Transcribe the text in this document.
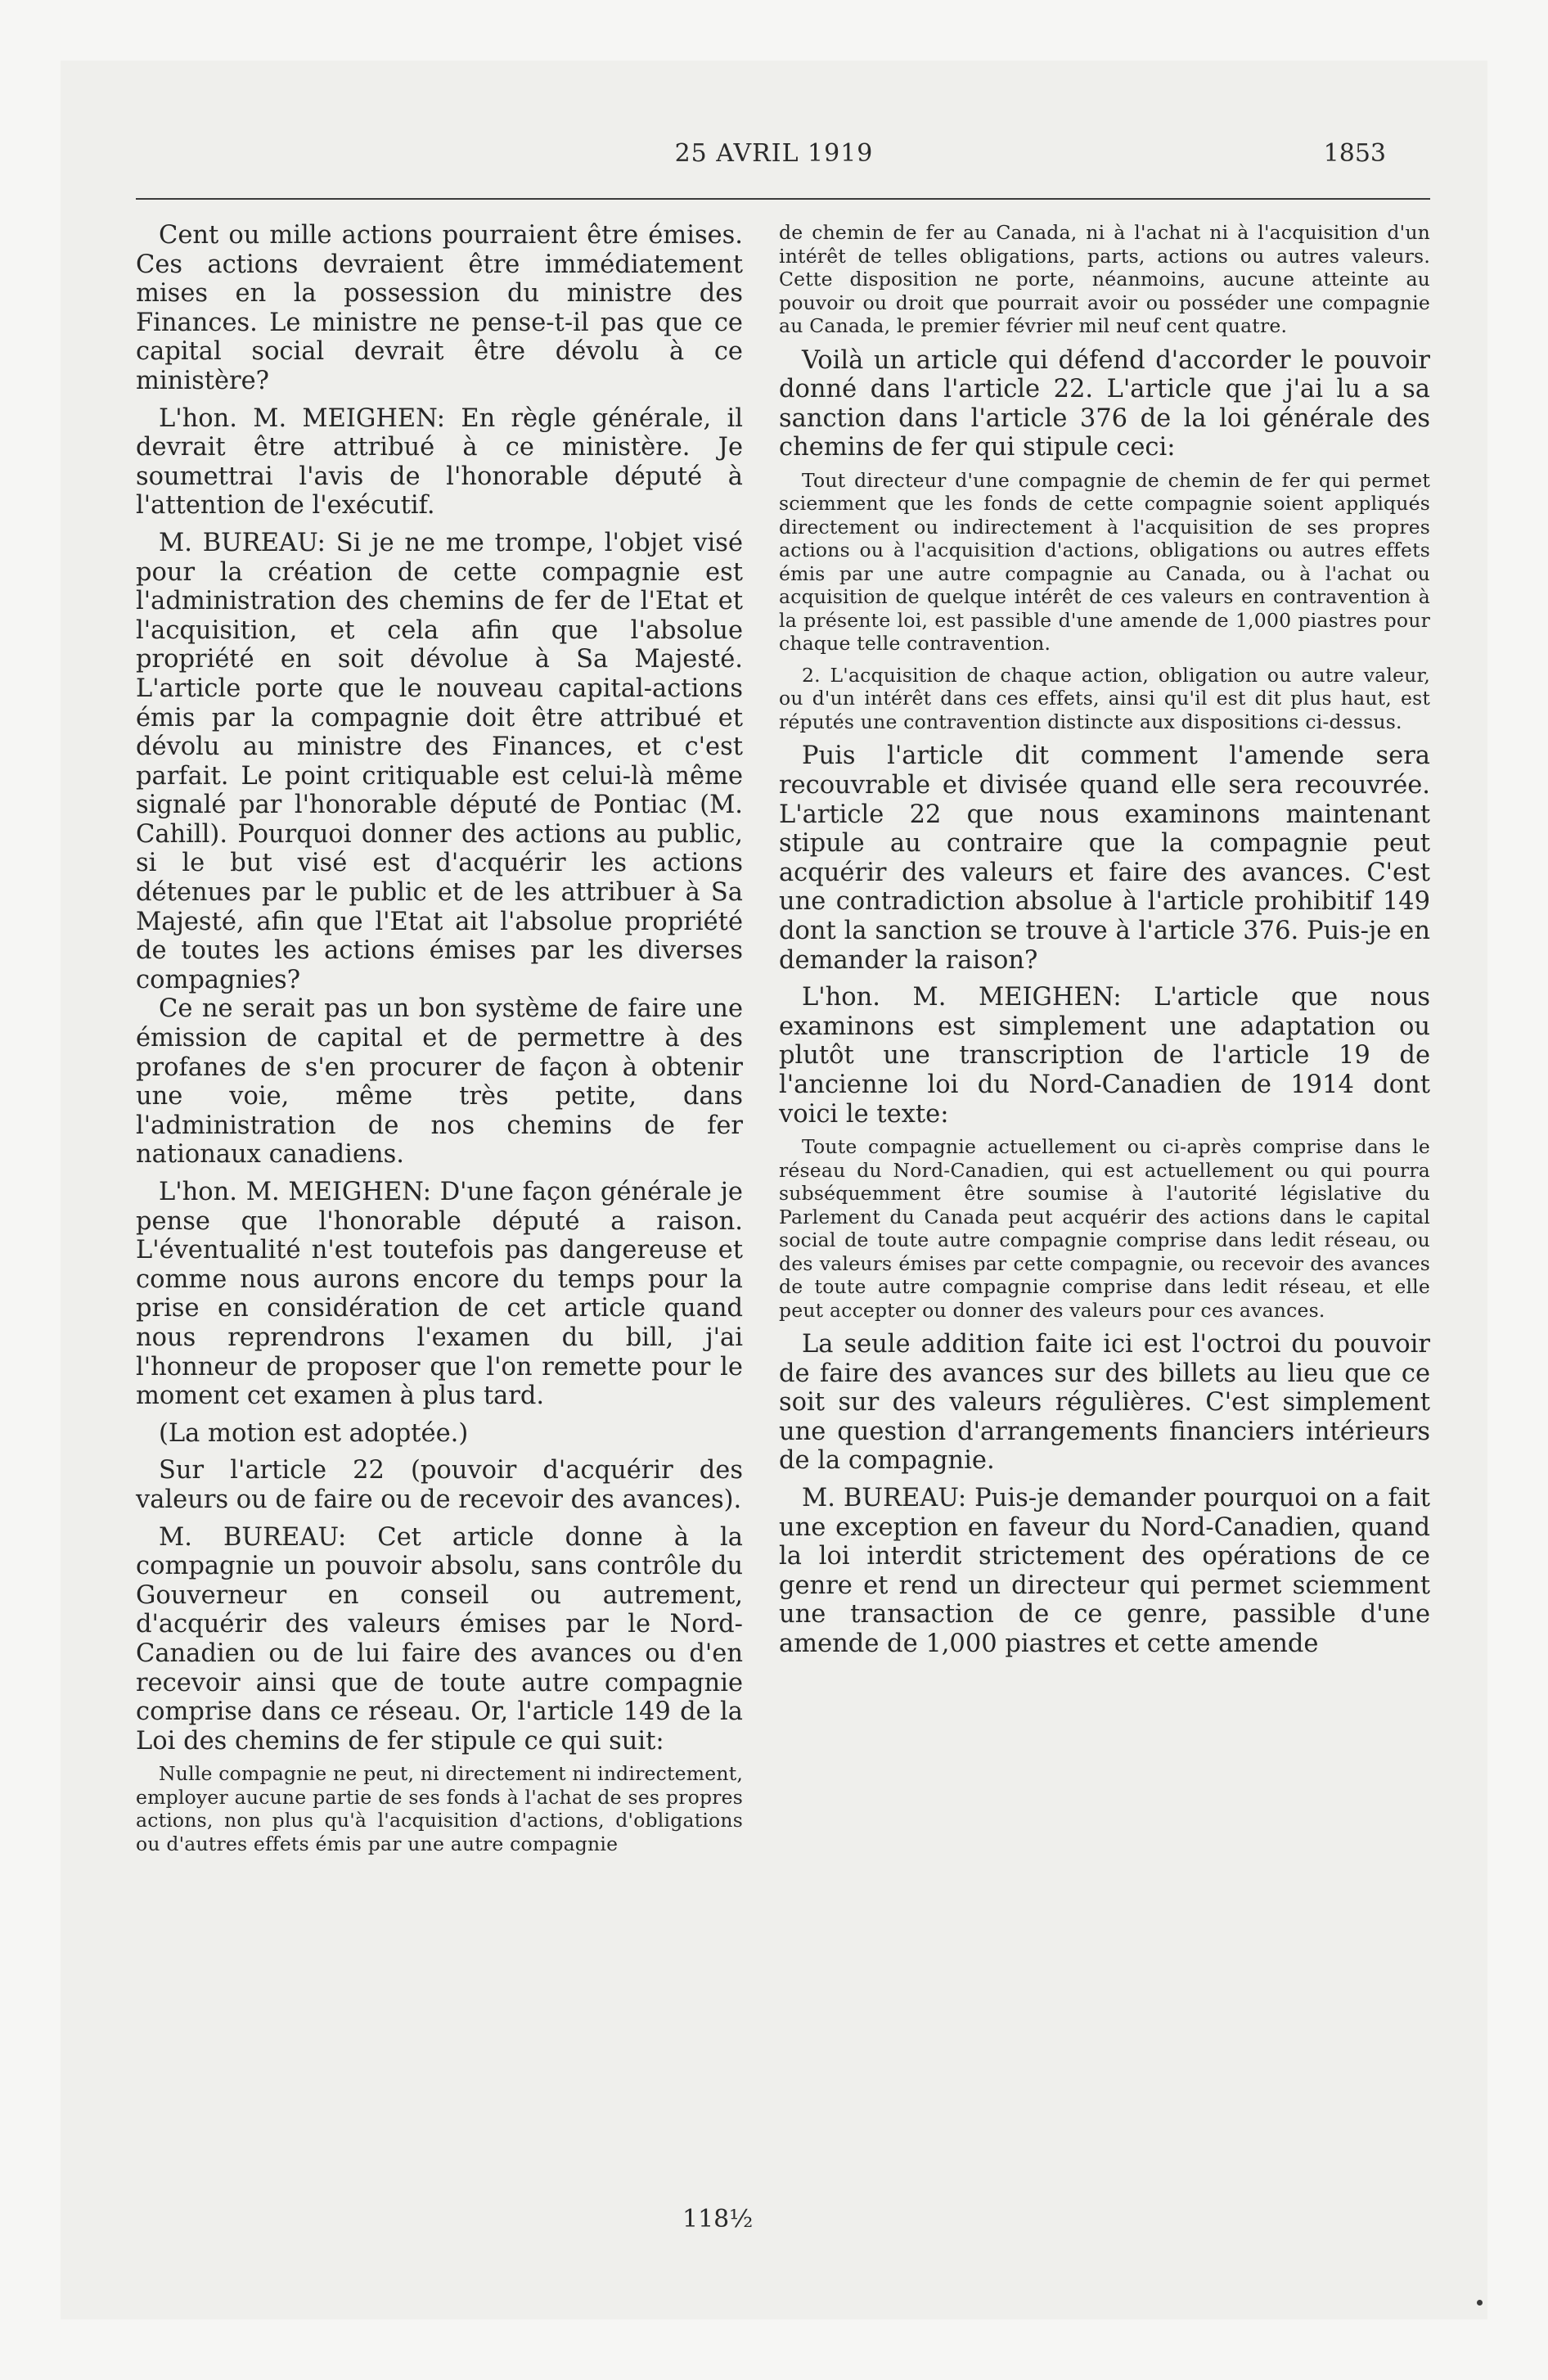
25 AVRIL 1919	1853

Cent ou mille actions pourraient être émises. Ces actions devraient être immédiatement mises en la possession du ministre des Finances. Le ministre ne pense-t-il pas que ce capital social devrait être dévolu à ce ministère?

L'hon. M. MEIGHEN: En règle générale, il devrait être attribué à ce ministère. Je soumettrai l'avis de l'honorable député à l'attention de l'exécutif.

M. BUREAU: Si je ne me trompe, l'objet visé pour la création de cette compagnie est l'administration des chemins de fer de l'Etat et l'acquisition, et cela afin que l'absolue propriété en soit dévolue à Sa Majesté. L'article porte que le nouveau capital-actions émis par la compagnie doit être attribué et dévolu au ministre des Finances, et c'est parfait. Le point critiquable est celui-là même signalé par l'honorable député de Pontiac (M. Cahill). Pourquoi donner des actions au public, si le but visé est d'acquérir les actions détenues par le public et de les attribuer à Sa Majesté, afin que l'Etat ait l'absolue propriété de toutes les actions émises par les diverses compagnies?

Ce ne serait pas un bon système de faire une émission de capital et de permettre à des profanes de s'en procurer de façon à obtenir une voie, même très petite, dans l'administration de nos chemins de fer nationaux canadiens.

L'hon. M. MEIGHEN: D'une façon générale je pense que l'honorable député a raison. L'éventualité n'est toutefois pas dangereuse et comme nous aurons encore du temps pour la prise en considération de cet article quand nous reprendrons l'examen du bill, j'ai l'honneur de proposer que l'on remette pour le moment cet examen à plus tard.

(La motion est adoptée.)

Sur l'article 22 (pouvoir d'acquérir des valeurs ou de faire ou de recevoir des avances).

M. BUREAU: Cet article donne à la compagnie un pouvoir absolu, sans contrôle du Gouverneur en conseil ou autrement, d'acquérir des valeurs émises par le Nord-Canadien ou de lui faire des avances ou d'en recevoir ainsi que de toute autre compagnie comprise dans ce réseau. Or, l'article 149 de la Loi des chemins de fer stipule ce qui suit:

Nulle compagnie ne peut, ni directement ni indirectement, employer aucune partie de ses fonds à l'achat de ses propres actions, non plus qu'à l'acquisition d'actions, d'obligations ou d'autres effets émis par une autre compagnie

de chemin de fer au Canada, ni à l'achat ni à l'acquisition d'un intérêt de telles obligations, parts, actions ou autres valeurs. Cette disposition ne porte, néanmoins, aucune atteinte au pouvoir ou droit que pourrait avoir ou posséder une compagnie au Canada, le premier février mil neuf cent quatre.

Voilà un article qui défend d'accorder le pouvoir donné dans l'article 22. L'article que j'ai lu a sa sanction dans l'article 376 de la loi générale des chemins de fer qui stipule ceci:

Tout directeur d'une compagnie de chemin de fer qui permet sciemment que les fonds de cette compagnie soient appliqués directement ou indirectement à l'acquisition de ses propres actions ou à l'acquisition d'actions, obligations ou autres effets émis par une autre compagnie au Canada, ou à l'achat ou acquisition de quelque intérêt de ces valeurs en contravention à la présente loi, est passible d'une amende de 1,000 piastres pour chaque telle contravention.

2. L'acquisition de chaque action, obligation ou autre valeur, ou d'un intérêt dans ces effets, ainsi qu'il est dit plus haut, est réputés une contravention distincte aux dispositions ci-dessus.

Puis l'article dit comment l'amende sera recouvrable et divisée quand elle sera recouvrée. L'article 22 que nous examinons maintenant stipule au contraire que la compagnie peut acquérir des valeurs et faire des avances. C'est une contradiction absolue à l'article prohibitif 149 dont la sanction se trouve à l'article 376. Puis-je en demander la raison?

L'hon. M. MEIGHEN: L'article que nous examinons est simplement une adaptation ou plutôt une transcription de l'article 19 de l'ancienne loi du Nord-Canadien de 1914 dont voici le texte:

Toute compagnie actuellement ou ci-après comprise dans le réseau du Nord-Canadien, qui est actuellement ou qui pourra subséquemment être soumise à l'autorité législative du Parlement du Canada peut acquérir des actions dans le capital social de toute autre compagnie comprise dans ledit réseau, ou des valeurs émises par cette compagnie, ou recevoir des avances de toute autre compagnie comprise dans ledit réseau, et elle peut accepter ou donner des valeurs pour ces avances.

La seule addition faite ici est l'octroi du pouvoir de faire des avances sur des billets au lieu que ce soit sur des valeurs régulières. C'est simplement une question d'arrangements financiers intérieurs de la compagnie.

M. BUREAU: Puis-je demander pourquoi on a fait une exception en faveur du Nord-Canadien, quand la loi interdit strictement des opérations de ce genre et rend un directeur qui permet sciemment une transaction de ce genre, passible d'une amende de 1,000 piastres et cette amende

118½
